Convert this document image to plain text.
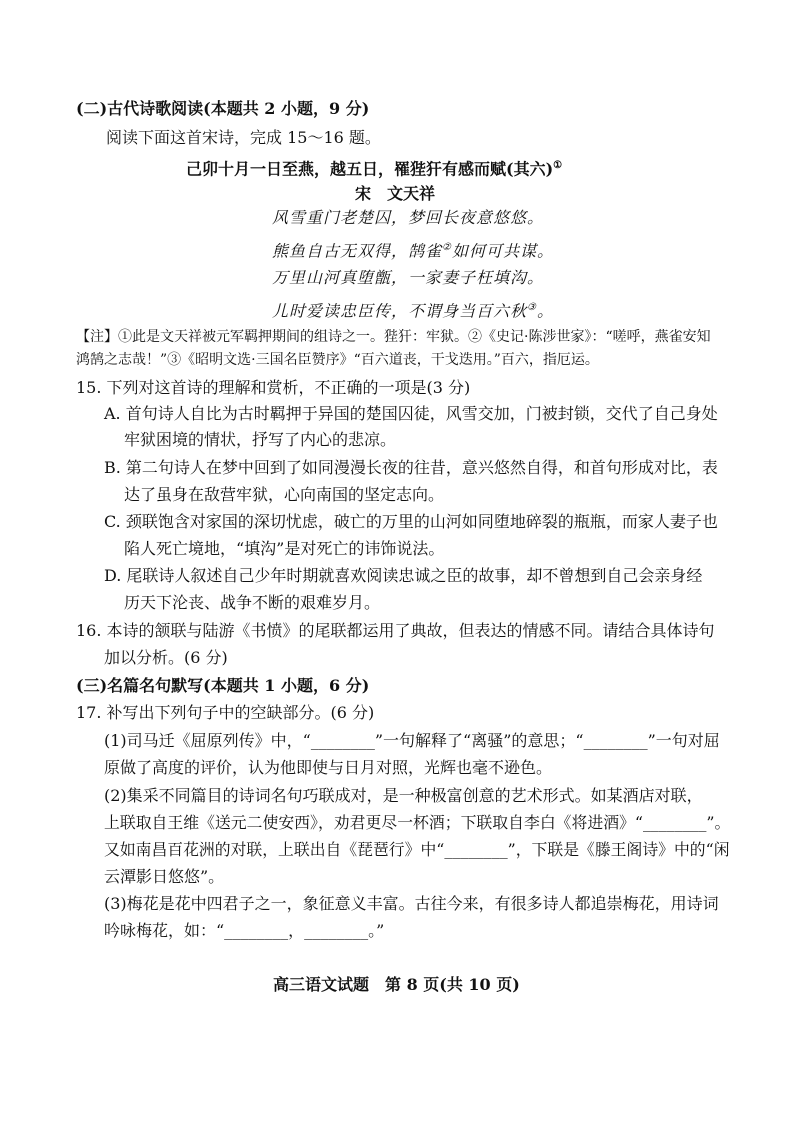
(二)古代诗歌阅读(本题共 2 小题，9 分)
阅读下面这首宋诗，完成 15～16 题。
己卯十月一日至燕，越五日，罹狴犴有感而赋(其六)①
宋　文天祥
风雪重门老楚囚，梦回长夜意悠悠。
熊鱼自古无双得，鹄雀②如何可共谋。
万里山河真堕甑，一家妻子枉填沟。
儿时爱读忠臣传，不谓身当百六秋③。
【注】①此是文天祥被元军羁押期间的组诗之一。狴犴：牢狱。②《史记·陈涉世家》：“嗟呼，燕雀安知
鸿鹄之志哉！”③《昭明文选·三国名臣赞序》“百六道丧，干戈迭用。”百六，指厄运。
15. 下列对这首诗的理解和赏析，不正确的一项是(3 分)
A. 首句诗人自比为古时羁押于异国的楚国囚徒，风雪交加，门被封锁，交代了自己身处
牢狱困境的情状，抒写了内心的悲凉。
B. 第二句诗人在梦中回到了如同漫漫长夜的往昔，意兴悠然自得，和首句形成对比，表
达了虽身在敌营牢狱，心向南国的坚定志向。
C. 颈联饱含对家国的深切忧虑，破亡的万里的山河如同堕地碎裂的瓶瓶，而家人妻子也
陷人死亡境地，“填沟”是对死亡的讳饰说法。
D. 尾联诗人叙述自己少年时期就喜欢阅读忠诚之臣的故事，却不曾想到自己会亲身经
历天下沦丧、战争不断的艰难岁月。
16. 本诗的颔联与陆游《书愤》的尾联都运用了典故，但表达的情感不同。请结合具体诗句
加以分析。(6 分)
(三)名篇名句默写(本题共 1 小题，6 分)
17. 补写出下列句子中的空缺部分。(6 分)
(1)司马迁《屈原列传》中，“________”一句解释了“离骚”的意思；“________”一句对屈
原做了高度的评价，认为他即使与日月对照，光辉也毫不逊色。
(2)集采不同篇目的诗词名句巧联成对，是一种极富创意的艺术形式。如某酒店对联，
上联取自王维《送元二使安西》，劝君更尽一杯酒；下联取自李白《将进酒》“________”。
又如南昌百花洲的对联，上联出自《琵琶行》中“________”，下联是《滕王阁诗》中的“闲
云潭影日悠悠”。
(3)梅花是花中四君子之一，象征意义丰富。古往今来，有很多诗人都追崇梅花，用诗词
吟咏梅花，如：“________，________。”
高三语文试题　第 8 页(共 10 页)
